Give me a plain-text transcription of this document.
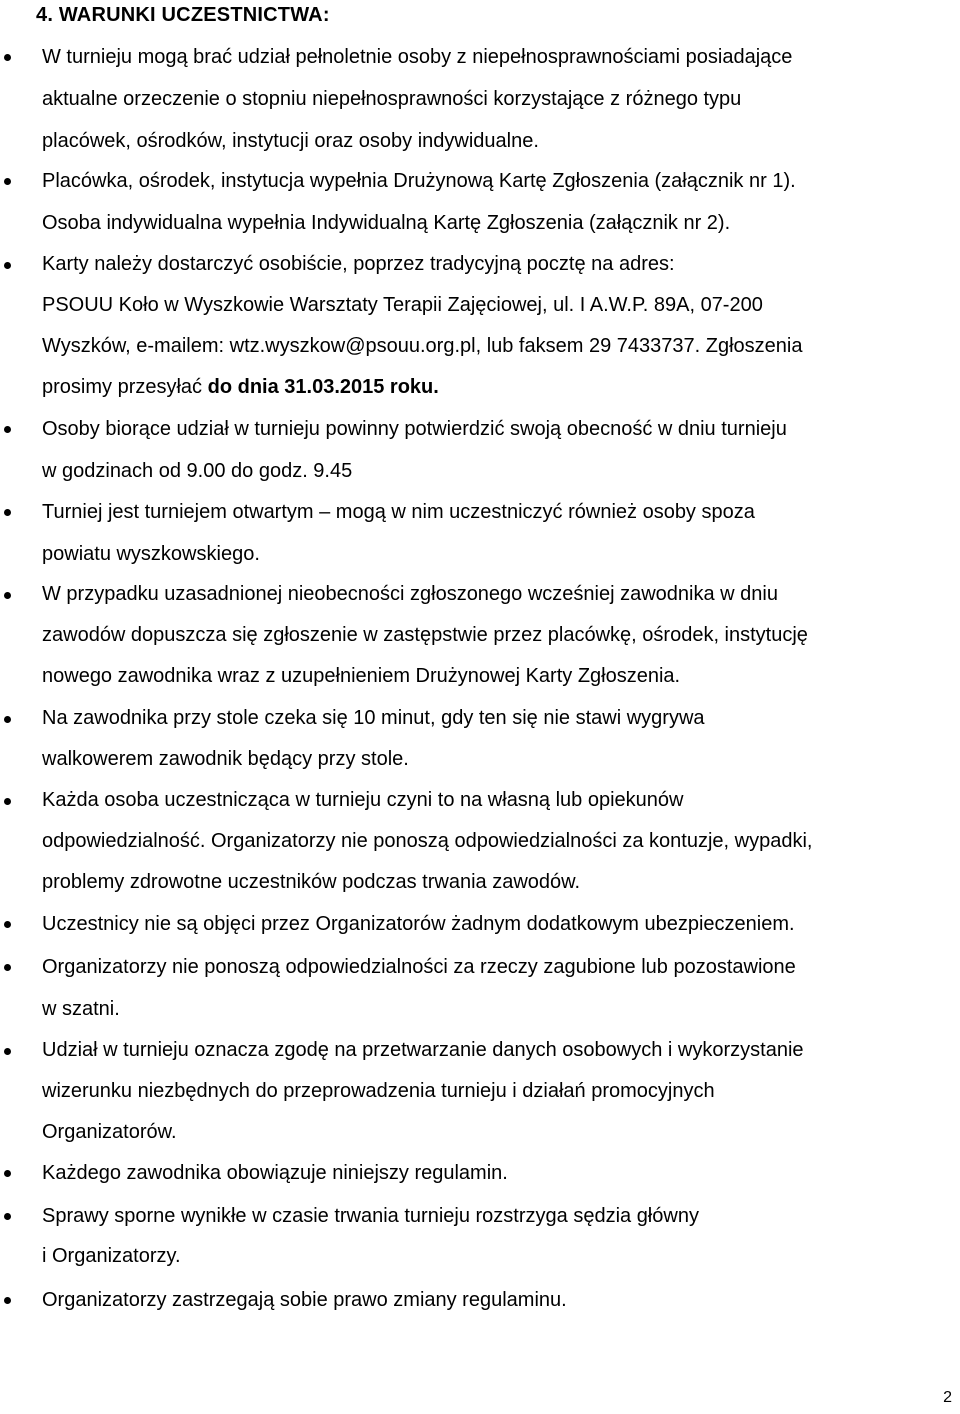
4. WARUNKI UCZESTNICTWA:

W turnieju mogą brać udział pełnoletnie osoby z niepełnosprawnościami posiadające
aktualne orzeczenie o stopniu niepełnosprawności korzystające z różnego typu
placówek, ośrodków, instytucji oraz osoby indywidualne.

Placówka, ośrodek, instytucja wypełnia Drużynową Kartę Zgłoszenia (załącznik nr 1).
Osoba indywidualna wypełnia Indywidualną Kartę Zgłoszenia (załącznik nr 2).

Karty należy dostarczyć osobiście, poprzez tradycyjną pocztę na adres:
PSOUU Koło w Wyszkowie Warsztaty Terapii Zajęciowej, ul. I A.W.P. 89A, 07-200
Wyszków, e-mailem: wtz.wyszkow@psouu.org.pl, lub faksem 29 7433737. Zgłoszenia
prosimy przesyłać do dnia 31.03.2015 roku.

Osoby biorące udział w turnieju powinny potwierdzić swoją obecność w dniu turnieju
w godzinach od 9.00 do godz. 9.45

Turniej jest turniejem otwartym – mogą w nim uczestniczyć również osoby spoza
powiatu wyszkowskiego.

W przypadku uzasadnionej nieobecności zgłoszonego wcześniej zawodnika w dniu
zawodów dopuszcza się zgłoszenie w zastępstwie przez placówkę, ośrodek, instytucję
nowego zawodnika wraz z uzupełnieniem Drużynowej Karty Zgłoszenia.

Na zawodnika przy stole czeka się 10 minut, gdy ten się nie stawi wygrywa
walkowerem zawodnik będący przy stole.

Każda osoba uczestnicząca w turnieju czyni to na własną lub opiekunów
odpowiedzialność. Organizatorzy nie ponoszą odpowiedzialności za kontuzje, wypadki,
problemy zdrowotne uczestników podczas trwania zawodów.

Uczestnicy nie są objęci przez Organizatorów żadnym dodatkowym ubezpieczeniem.

Organizatorzy nie ponoszą odpowiedzialności za rzeczy zagubione lub pozostawione
w szatni.

Udział w turnieju oznacza zgodę na przetwarzanie danych osobowych i wykorzystanie
wizerunku niezbędnych do przeprowadzenia turnieju i działań promocyjnych
Organizatorów.

Każdego zawodnika obowiązuje niniejszy regulamin.

Sprawy sporne wynikłe w czasie trwania turnieju rozstrzyga sędzia główny
i Organizatorzy.

Organizatorzy zastrzegają sobie prawo zmiany regulaminu.

2
